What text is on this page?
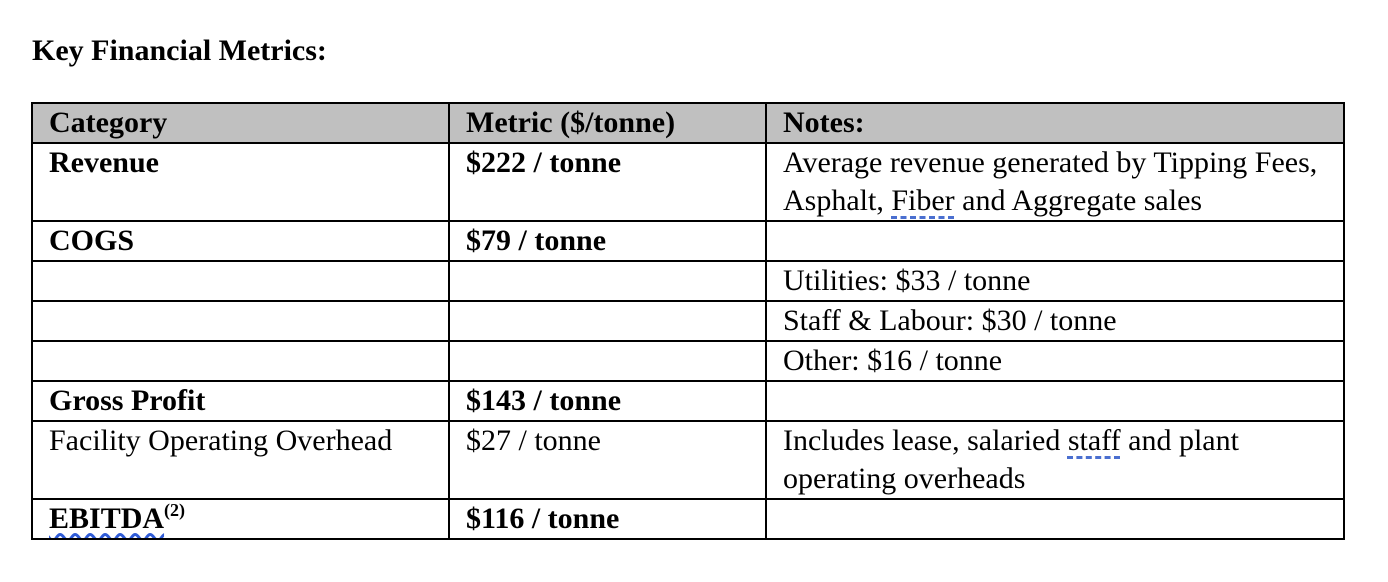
Key Financial Metrics:
Category	Metric ($/tonne)	Notes:
Revenue	$222 / tonne	Average revenue generated by Tipping Fees, Asphalt, Fiber and Aggregate sales
COGS	$79 / tonne	
		Utilities: $33 / tonne
		Staff & Labour: $30 / tonne
		Other: $16 / tonne
Gross Profit	$143 / tonne	
Facility Operating Overhead	$27 / tonne	Includes lease, salaried staff and plant operating overheads
EBITDA$^{(2)}$	$116 / tonne	
